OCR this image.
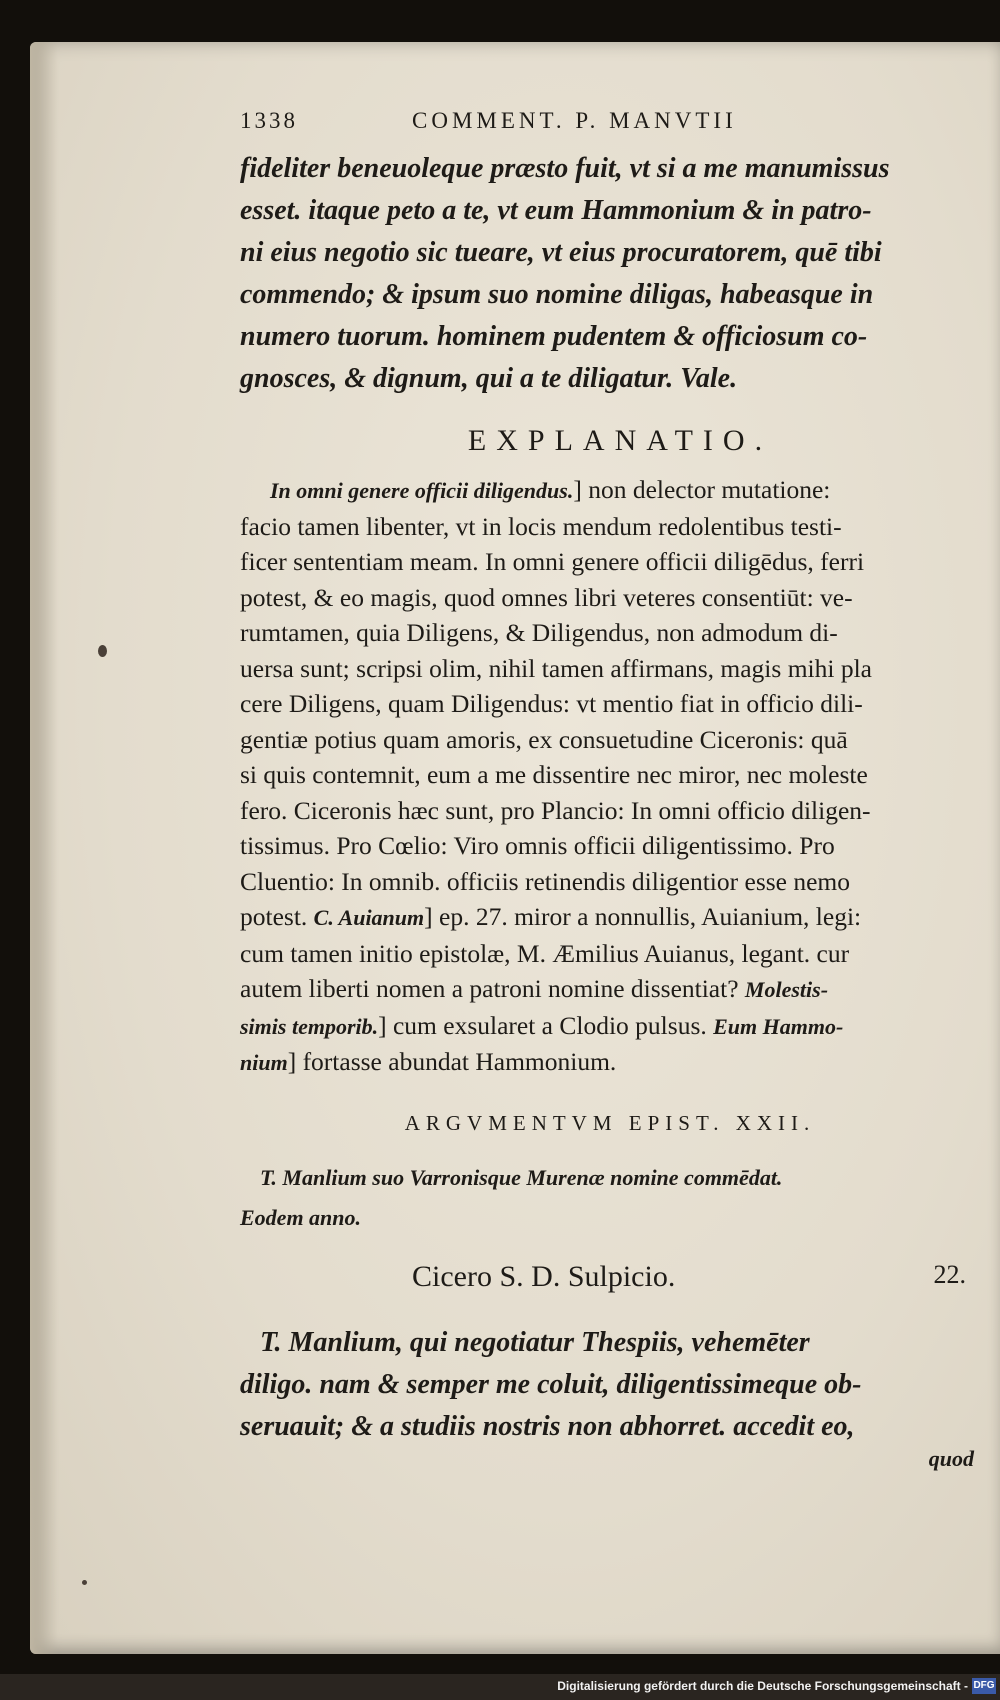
1338	COMMENT. P. MANVTII

fideliter beneuoleque præsto fuit, vt si a me manumissus
esset. itaque peto a te, vt eum Hammonium & in patro-
ni eius negotio sic tueare, vt eius procuratorem, quē tibi
commendo; & ipsum suo nomine diligas, habeasque in
numero tuorum. hominem pudentem & officiosum co-
gnosces, & dignum, qui a te diligatur. Vale.

EXPLANATIO.

In omni genere officii diligendus.] non delector mutatione:
facio tamen libenter, vt in locis mendum redolentibus testi-
ficer sententiam meam. In omni genere officii diligēdus, ferri
potest, & eo magis, quod omnes libri veteres consentiūt: ve-
rumtamen, quia Diligens, & Diligendus, non admodum di-
uersa sunt; scripsi olim, nihil tamen affirmans, magis mihi pla
cere Diligens, quam Diligendus: vt mentio fiat in officio dili-
gentiæ potius quam amoris, ex consuetudine Ciceronis: quā
si quis contemnit, eum a me dissentire nec miror, nec moleste
fero. Ciceronis hæc sunt, pro Plancio: In omni officio diligen-
tissimus. Pro Cœlio: Viro omnis officii diligentissimo. Pro
Cluentio: In omnib. officiis retinendis diligentior esse nemo
potest. C. Auianum] ep. 27. miror a nonnullis, Auianium, legi:
cum tamen initio epistolæ, M. Æmilius Auianus, legant. cur
autem liberti nomen a patroni nomine dissentiat? Molestis-
simis temporib.] cum exsularet a Clodio pulsus. Eum Hammo-
nium] fortasse abundat Hammonium.

ARGVMENTVM EPIST. XXII.

T. Manlium suo Varronisque Murenæ nomine commēdat.
Eodem anno.

Cicero S. D. Sulpicio.	22.

T. Manlium, qui negotiatur Thespiis, vehemēter
diligo. nam & semper me coluit, diligentissimeque ob-
seruauit; & a studiis nostris non abhorret. accedit eo,

quod
Digitalisierung gefördert durch die Deutsche Forschungsgemeinschaft - DFG
